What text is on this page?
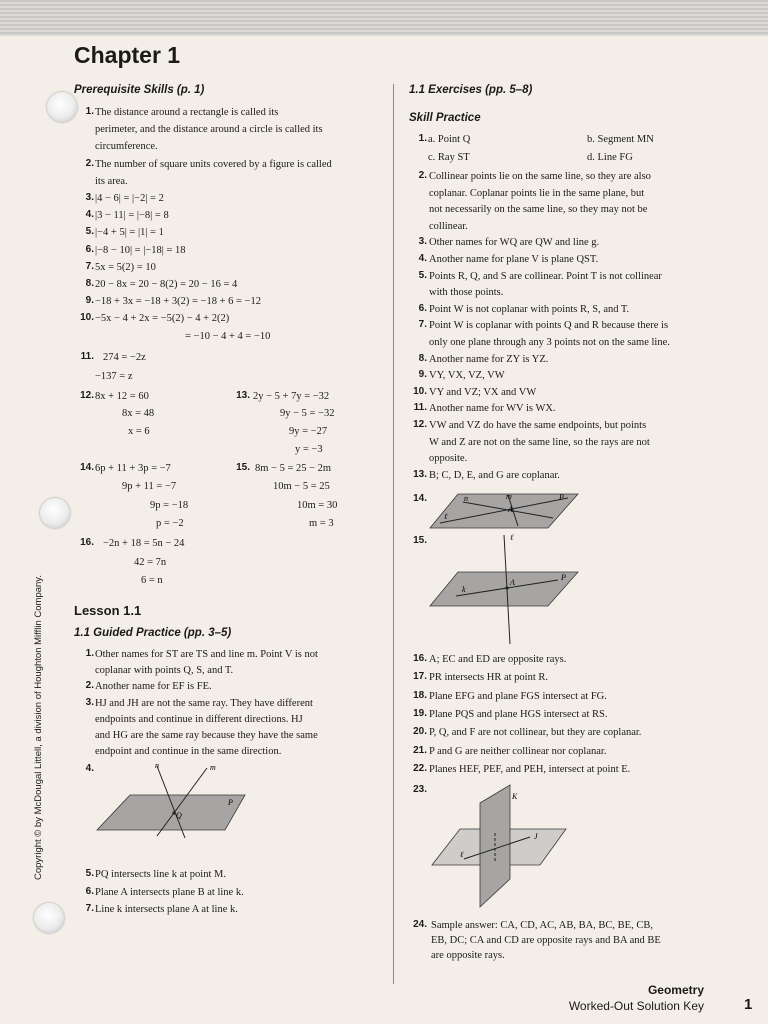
Chapter 1
Copyright © by McDougal Littell, a division of Houghton Mifflin Company.
Prerequisite Skills (p. 1)
1. The distance around a rectangle is called its
perimeter, and the distance around a circle is called its
circumference.
2. The number of square units covered by a figure is called
its area.
3. |4 − 6| = |−2| = 2
4. |3 − 11| = |−8| = 8
5. |−4 + 5| = |1| = 1
6. |−8 − 10| = |−18| = 18
7. 5x = 5(2) = 10
8. 20 − 8x = 20 − 8(2) = 20 − 16 = 4
9. −18 + 3x = −18 + 3(2) = −18 + 6 = −12
10. −5x − 4 + 2x = −5(2) − 4 + 2(2)
= −10 − 4 + 4 = −10
11. 274 = −2z
−137 = z
12. 8x + 12 = 60
8x = 48
x = 6
13. 2y − 5 + 7y = −32
9y − 5 = −32
9y = −27
y = −3
14. 6p + 11 + 3p = −7
9p + 11 = −7
9p = −18
p = −2
15. 8m − 5 = 25 − 2m
10m − 5 = 25
10m = 30
m = 3
16. −2n + 18 = 5n − 24
42 = 7n
6 = n
Lesson 1.1
1.1 Guided Practice (pp. 3–5)
1. Other names for ST are TS and line m. Point V is not
coplanar with points Q, S, and T.
2. Another name for EF is FE.
3. HJ and JH are not the same ray. They have different
endpoints and continue in different directions. HJ
and HG are the same ray because they have the same
endpoint and continue in the same direction.
4.	n	m
P
Q
5. PQ intersects line k at point M.
6. Plane A intersects plane B at line k.
7. Line k intersects plane A at line k.
1.1 Exercises (pp. 5–8)
Skill Practice
1. a. Point Q	b. Segment MN
c. Ray ST	d. Line FG
2. Collinear points lie on the same line, so they are also
coplanar. Coplanar points lie in the same plane, but
not necessarily on the same line, so they may not be
collinear.
3. Other names for WQ are QW and line g.
4. Another name for plane V is plane QST.
5. Points R, Q, and S are collinear. Point T is not collinear
with those points.
6. Point W is not coplanar with points R, S, and T.
7. Point W is coplanar with points Q and R because there is
only one plane through any 3 points not on the same line.
8. Another name for ZY is YZ.
9. VY, VX, VZ, VW
10. VY and VZ; VX and VW
11. Another name for WV is WX.
12. VW and VZ do have the same endpoints, but points
W and Z are not on the same line, so the rays are not
opposite.
13. B; C, D, E, and G are coplanar.
14.	n	m	P
A
ℓ
15.	ℓ
A
P
k
16. A; EC and ED are opposite rays.
17. PR intersects HR at point R.
18. Plane EFG and plane FGS intersect at FG.
19. Plane PQS and plane HGS intersect at RS.
20. P, Q, and F are not collinear, but they are coplanar.
21. P and G are neither collinear nor coplanar.
22. Planes HEF, PEF, and PEH, intersect at point E.
23.
K
J
ℓ
24. Sample answer: CA, CD, AC, AB, BA, BC, BE, CB,
EB, DC; CA and CD are opposite rays and BA and BE
are opposite rays.
Geometry
Worked-Out Solution Key	1
